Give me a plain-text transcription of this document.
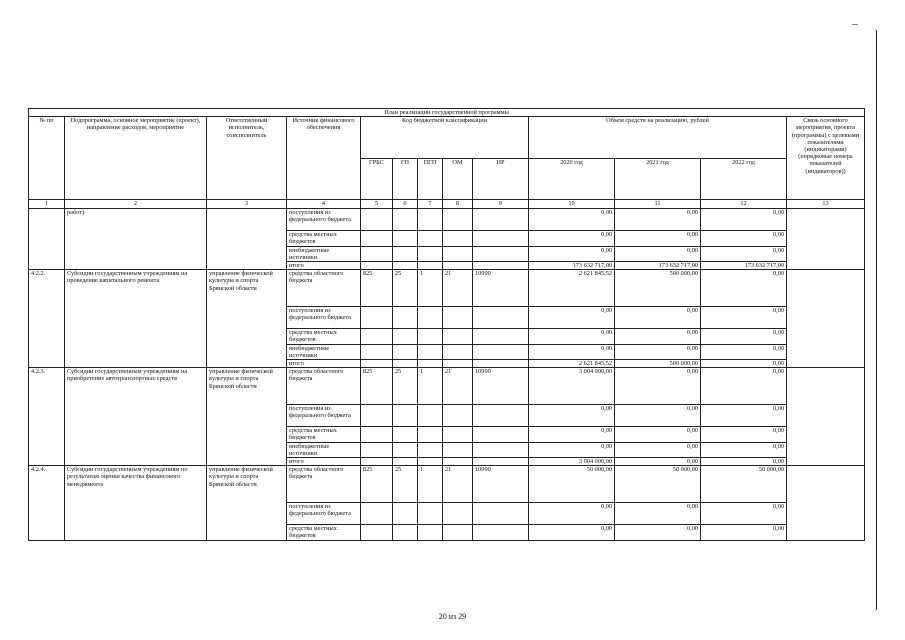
План реализации государственной программы												
№ пп	Подпрограмма, основное мероприятие (проект), направление расходов, мероприятие	Ответственный исполнитель, соисполнитель	Источник финансового обеспечения	Код бюджетной классификации					Объем средств на реализацию, рублей			Связь основного мероприятия, проекта (программы) с целевыми показателями (индикаторами) (порядковые номера показателей (индикаторов))
				ГРБС	ГП	ПГП	ОМ	НР	2020 год	2021 год	2022 год	
1	2	3	4	5	6	7	8	9	10	11	12	13
	работ)		поступления из федерального бюджета						0,00	0,00	0,00	
			средства местных бюджетов						0,00	0,00	0,00	
			внебюджетные источники						0,00	0,00	0,00	
			итого						173 632 717,00	173 632 717,00	173 632 717,00	
4.2.2.	Субсидии государственным учреждениям на проведение капитального ремонта	управление физической культуры и спорта Брянской области	средства областного бюджета	825	25	1	21	10990	2 621 845,52	500 000,00	0,00	
			поступления из федерального бюджета						0,00	0,00	0,00	
			средства местных бюджетов						0,00	0,00	0,00	
			внебюджетные источники						0,00	0,00	0,00	
			итого						2 621 845,52	500 000,00	0,00	
4.2.3.	Субсидии государственным учреждениям на приобретение автотранспортных средств	управление физической культуры и спорта Брянской области	средства областного бюджета	825	25	1	21	10990	3 004 000,00	0,00	0,00	
			поступления из федерального бюджета						0,00	0,00	0,00	
			средства местных бюджетов						0,00	0,00	0,00	
			внебюджетные источники						0,00	0,00	0,00	
			итого						3 004 000,00	0,00	0,00	
4.2.4.	Субсидии государственным учреждениям по результатам оценки качества финансового менеджмента	управление физической культуры и спорта Брянской области	средства областного бюджета	825	25	1	21	10990	50 000,00	50 000,00	50 000,00	
			поступления из федерального бюджета						0,00	0,00	0,00	
			средства местных бюджетов						0,00	0,00	0,00	
20 из 29
